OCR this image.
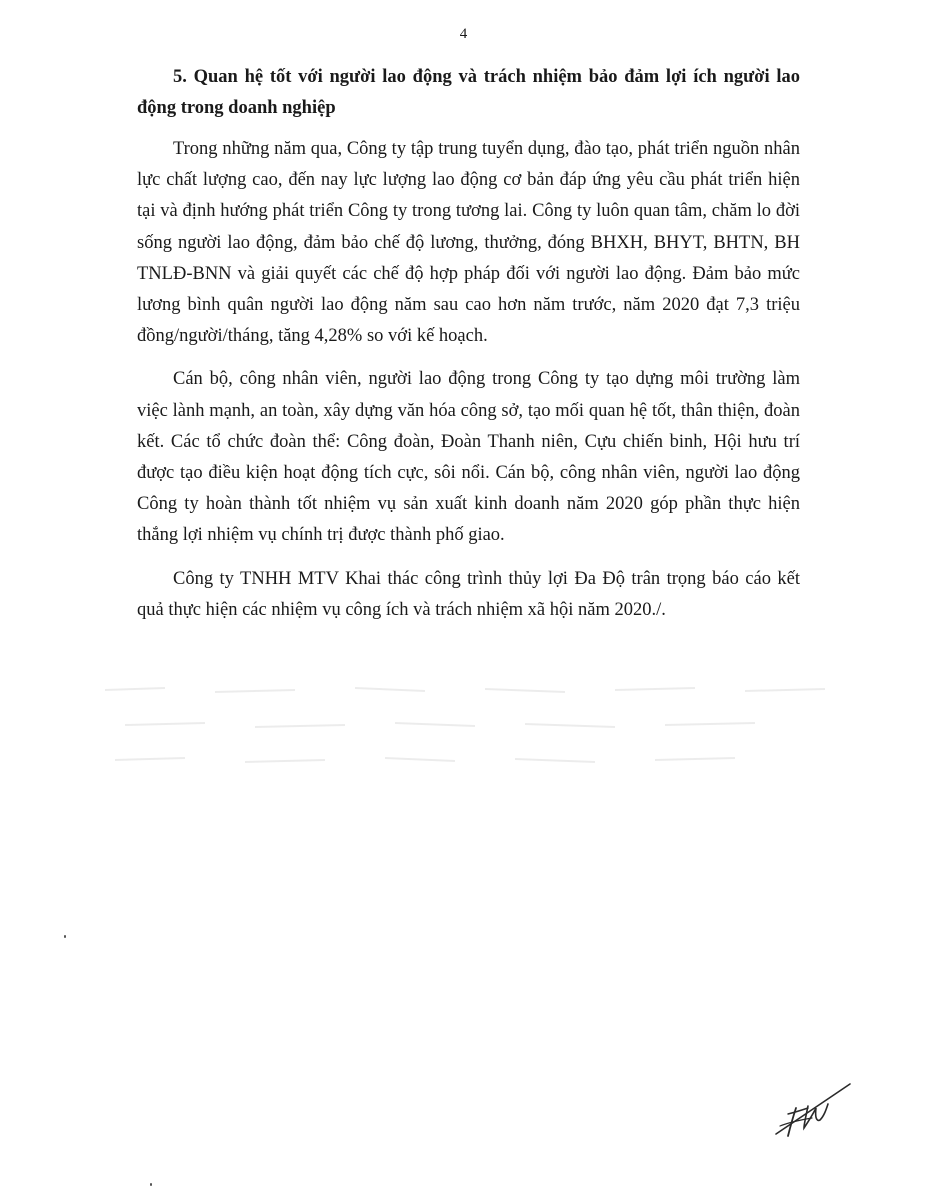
4

5. Quan hệ tốt với người lao động và trách nhiệm bảo đảm lợi ích người lao động trong doanh nghiệp

Trong những năm qua, Công ty tập trung tuyển dụng, đào tạo, phát triển nguồn nhân lực chất lượng cao, đến nay lực lượng lao động cơ bản đáp ứng yêu cầu phát triển hiện tại và định hướng phát triển Công ty trong tương lai. Công ty luôn quan tâm, chăm lo đời sống người lao động, đảm bảo chế độ lương, thưởng, đóng BHXH, BHYT, BHTN, BH TNLĐ-BNN và giải quyết các chế độ hợp pháp đối với người lao động. Đảm bảo mức lương bình quân người lao động năm sau cao hơn năm trước, năm 2020 đạt 7,3 triệu đồng/người/tháng, tăng 4,28% so với kế hoạch.

Cán bộ, công nhân viên, người lao động trong Công ty tạo dựng môi trường làm việc lành mạnh, an toàn, xây dựng văn hóa công sở, tạo mối quan hệ tốt, thân thiện, đoàn kết. Các tổ chức đoàn thể: Công đoàn, Đoàn Thanh niên, Cựu chiến binh, Hội hưu trí được tạo điều kiện hoạt động tích cực, sôi nổi. Cán bộ, công nhân viên, người lao động Công ty hoàn thành tốt nhiệm vụ sản xuất kinh doanh năm 2020 góp phần thực hiện thắng lợi nhiệm vụ chính trị được thành phố giao.

Công ty TNHH MTV Khai thác công trình thủy lợi Đa Độ trân trọng báo cáo kết quả thực hiện các nhiệm vụ công ích và trách nhiệm xã hội năm 2020./.
